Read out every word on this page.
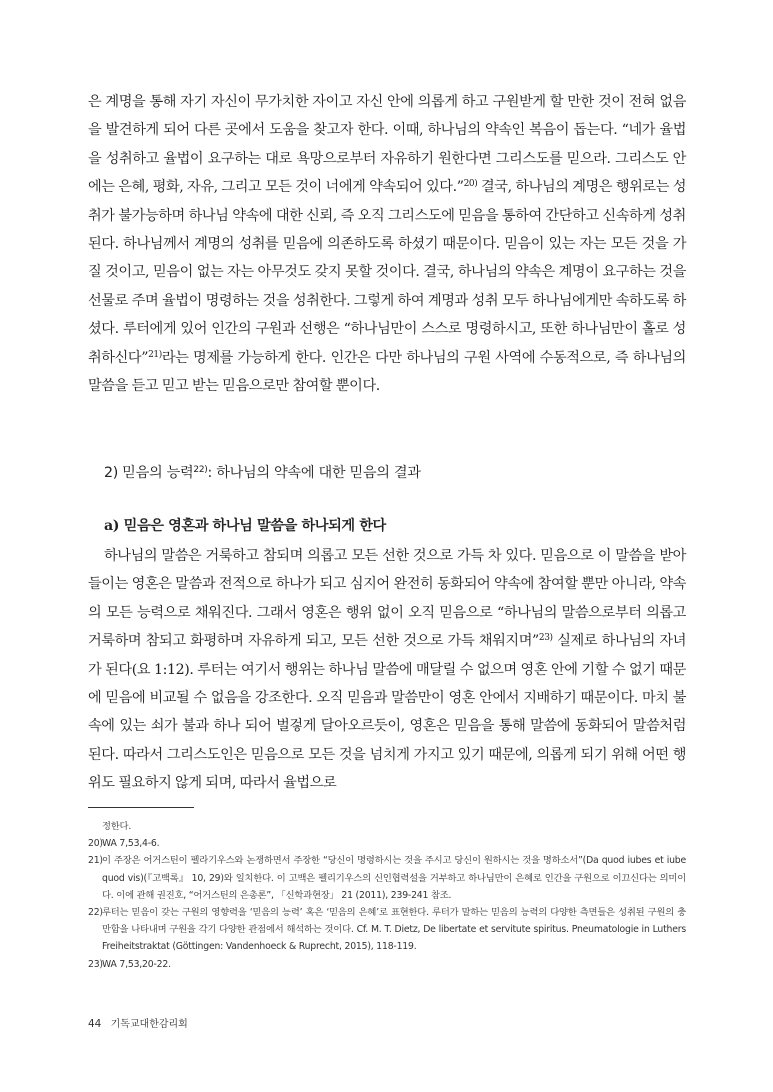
은 계명을 통해 자기 자신이 무가치한 자이고 자신 안에 의롭게 하고 구원받게 할 만한 것이 전혀 없음을 발견하게 되어 다른 곳에서 도움을 찾고자 한다. 이때, 하나님의 약속인 복음이 돕는다. “네가 율법을 성취하고 율법이 요구하는 대로 욕망으로부터 자유하기 원한다면 그리스도를 믿으라. 그리스도 안에는 은혜, 평화, 자유, 그리고 모든 것이 너에게 약속되어 있다.”$^{20)}$ 결국, 하나님의 계명은 행위로는 성취가 불가능하며 하나님 약속에 대한 신뢰, 즉 오직 그리스도에 믿음을 통하여 간단하고 신속하게 성취된다. 하나님께서 계명의 성취를 믿음에 의존하도록 하셨기 때문이다. 믿음이 있는 자는 모든 것을 가질 것이고, 믿음이 없는 자는 아무것도 갖지 못할 것이다. 결국, 하나님의 약속은 계명이 요구하는 것을 선물로 주며 율법이 명령하는 것을 성취한다. 그렇게 하여 계명과 성취 모두 하나님에게만 속하도록 하셨다. 루터에게 있어 인간의 구원과 선행은 “하나님만이 스스로 명령하시고, 또한 하나님만이 홀로 성취하신다”$^{21)}$라는 명제를 가능하게 한다. 인간은 다만 하나님의 구원 사역에 수동적으로, 즉 하나님의 말씀을 듣고 믿고 받는 믿음으로만 참여할 뿐이다.

2) 믿음의 능력$^{22)}$: 하나님의 약속에 대한 믿음의 결과
a) 믿음은 영혼과 하나님 말씀을 하나되게 한다

하나님의 말씀은 거룩하고 참되며 의롭고 모든 선한 것으로 가득 차 있다. 믿음으로 이 말씀을 받아들이는 영혼은 말씀과 전적으로 하나가 되고 심지어 완전히 동화되어 약속에 참여할 뿐만 아니라, 약속의 모든 능력으로 채워진다. 그래서 영혼은 행위 없이 오직 믿음으로 “하나님의 말씀으로부터 의롭고 거룩하며 참되고 화평하며 자유하게 되고, 모든 선한 것으로 가득 채워지며”$^{23)}$ 실제로 하나님의 자녀가 된다(요 1:12). 루터는 여기서 행위는 하나님 말씀에 매달릴 수 없으며 영혼 안에 기할 수 없기 때문에 믿음에 비교될 수 없음을 강조한다. 오직 믿음과 말씀만이 영혼 안에서 지배하기 때문이다. 마치 불 속에 있는 쇠가 불과 하나 되어 벌겋게 달아오르듯이, 영혼은 믿음을 통해 말씀에 동화되어 말씀처럼 된다. 따라서 그리스도인은 믿음으로 모든 것을 넘치게 가지고 있기 때문에, 의롭게 되기 위해 어떤 행위도 필요하지 않게 되며, 따라서 율법으로

정한다.
20) WA 7,53,4-6.
21) 이 주장은 어거스틴이 펠라기우스와 논쟁하면서 주장한 “당신이 명령하시는 것을 주시고 당신이 원하시는 것을 명하소서”(Da quod iubes et iube quod vis)(『고백록』 10, 29)와 일치한다. 이 고백은 펠리기우스의 신인협력설을 거부하고 하나님만이 은혜로 인간을 구원으로 이끄신다는 의미이다. 이에 관해 권진호, “어거스틴의 은총론”, 「신학과현장」 21 (2011), 239-241 참조.
22) 루터는 믿음이 갖는 구원의 영향력을 ‘믿음의 능력’ 혹은 ‘믿음의 은혜’로 표현한다. 루터가 말하는 믿음의 능력의 다양한 측면들은 성취된 구원의 충만함을 나타내며 구원을 각기 다양한 관점에서 해석하는 것이다. Cf. M. T. Dietz, De libertate et servitute spiritus. Pneumatologie in Luthers Freiheitstraktat (Göttingen: Vandenhoeck & Ruprecht, 2015), 118-119.
23) WA 7,53,20-22.
44 기독교대한감리회
